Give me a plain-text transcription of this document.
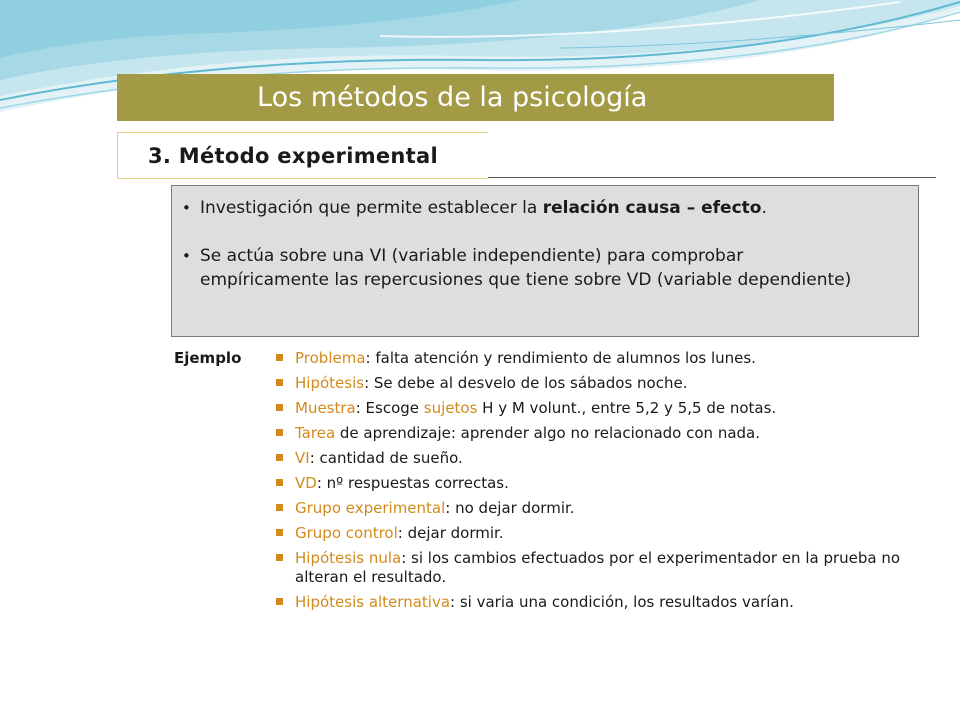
Los métodos de la psicología
3. Método experimental
• Investigación que permite establecer la relación causa – efecto.
• Se actúa sobre una VI (variable independiente) para comprobar empíricamente las repercusiones que tiene sobre VD (variable dependiente)
Ejemplo	Problema: falta atención y rendimiento de alumnos los lunes.
Hipótesis: Se debe al desvelo de los sábados noche.
Muestra: Escoge sujetos H y M volunt., entre 5,2 y 5,5 de notas.
Tarea de aprendizaje: aprender algo no relacionado con nada.
VI: cantidad de sueño.
VD: nº respuestas correctas.
Grupo experimental: no dejar dormir.
Grupo control: dejar dormir.
Hipótesis nula: si los cambios efectuados por el experimentador en la prueba no alteran el resultado.
Hipótesis alternativa: si varia una condición, los resultados varían.
